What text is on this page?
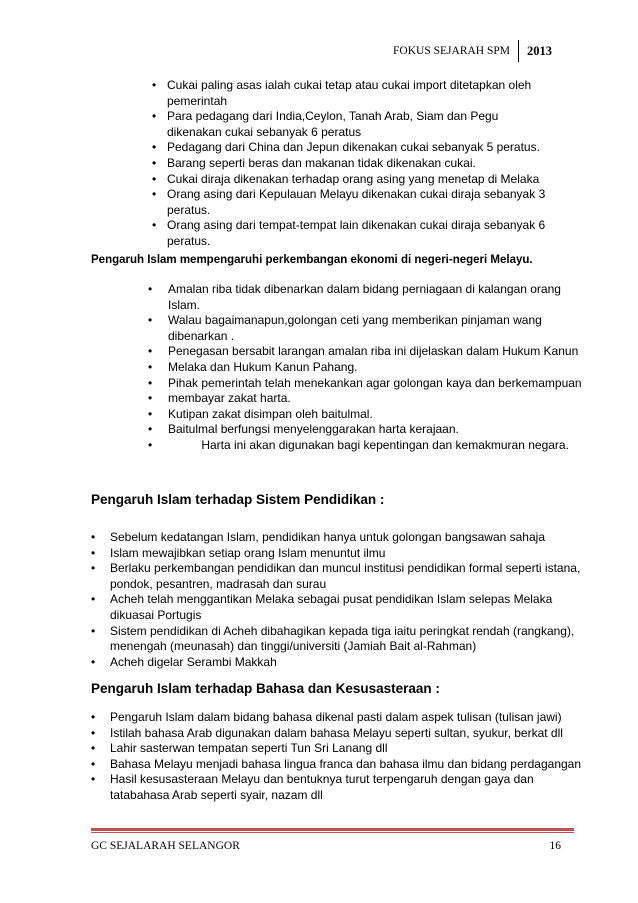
FOKUS SEJARAH SPM	2013
• Cukai paling asas ialah cukai tetap atau cukai import ditetapkan oleh pemerintah
• Para pedagang dari India,Ceylon, Tanah Arab, Siam dan Pegu dikenakan cukai sebanyak 6 peratus
• Pedagang dari China dan Jepun dikenakan cukai sebanyak 5 peratus.
• Barang seperti beras dan makanan tidak dikenakan cukai.
• Cukai diraja dikenakan terhadap orang asing yang menetap di Melaka
• Orang asing dari Kepulauan Melayu dikenakan cukai diraja sebanyak 3 peratus.
• Orang asing dari tempat-tempat lain dikenakan cukai diraja sebanyak 6 peratus.
Pengaruh Islam mempengaruhi perkembangan ekonomi di negeri-negeri Melayu.
• Amalan riba tidak dibenarkan dalam bidang perniagaan di kalangan orang Islam.
• Walau bagaimanapun,golongan ceti yang memberikan pinjaman wang dibenarkan .
• Penegasan bersabit larangan amalan riba ini dijelaskan dalam Hukum Kanun
• Melaka dan Hukum Kanun Pahang.
• Pihak pemerintah telah menekankan agar golongan kaya dan berkemampuan
• membayar zakat harta.
• Kutipan zakat disimpan oleh baitulmal.
• Baitulmal berfungsi menyelenggarakan harta kerajaan.
• Harta ini akan digunakan bagi kepentingan dan kemakmuran negara.
Pengaruh Islam terhadap Sistem Pendidikan :
• Sebelum kedatangan Islam, pendidikan hanya untuk golongan bangsawan sahaja
• Islam mewajibkan setiap orang Islam menuntut ilmu
• Berlaku perkembangan pendidikan dan muncul institusi pendidikan formal seperti istana, pondok, pesantren, madrasah dan surau
• Acheh telah menggantikan Melaka sebagai pusat pendidikan Islam selepas Melaka dikuasai Portugis
• Sistem pendidikan di Acheh dibahagikan kepada tiga iaitu peringkat rendah (rangkang), menengah (meunasah) dan tinggi/universiti (Jamiah Bait al-Rahman)
• Acheh digelar Serambi Makkah
Pengaruh Islam terhadap Bahasa dan Kesusasteraan :
• Pengaruh Islam dalam bidang bahasa dikenal pasti dalam aspek tulisan (tulisan jawi)
• Istilah bahasa Arab digunakan dalam bahasa Melayu seperti sultan, syukur, berkat dll
• Lahir sasterwan tempatan seperti Tun Sri Lanang dll
• Bahasa Melayu menjadi bahasa lingua franca dan bahasa ilmu dan bidang perdagangan
• Hasil kesusasteraan Melayu dan bentuknya turut terpengaruh dengan gaya dan tatabahasa Arab seperti syair, nazam dll
GC SEJALARAH SELANGOR	16
